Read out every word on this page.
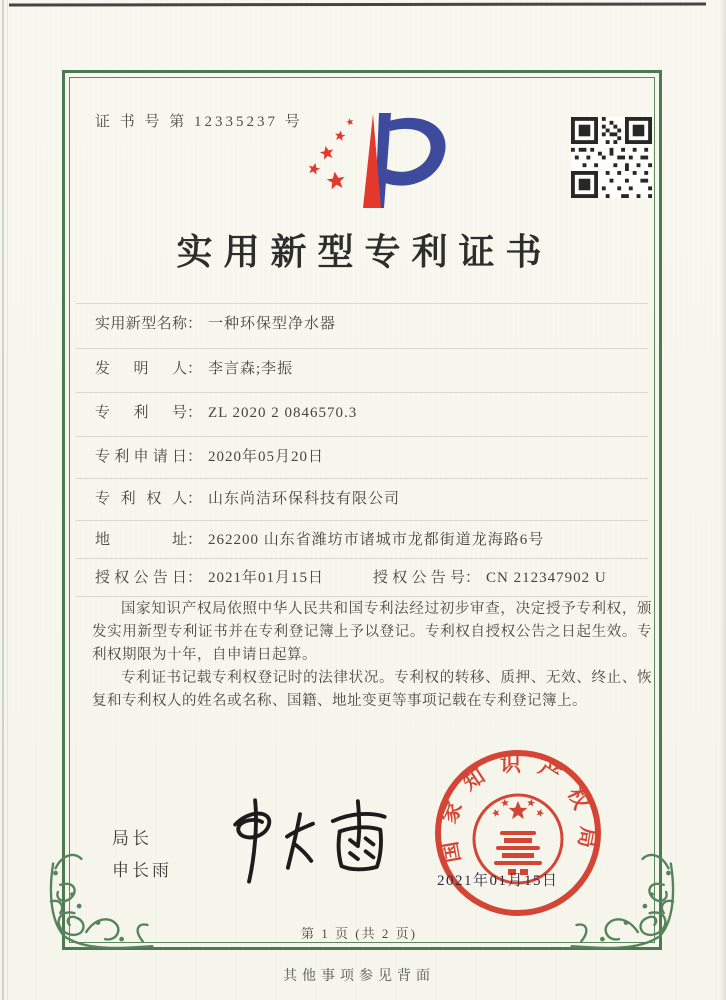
证 书 号 第 12335237 号
实用新型专利证书
实用新型名称： 一种环保型净水器
发明人： 李言森;李振
专利号： ZL 2020 2 0846570.3
专利申请日： 2020年05月20日
专利权人： 山东尚洁环保科技有限公司
地址： 262200 山东省潍坊市诸城市龙都街道龙海路6号
授权公告日： 2021年01月15日	授权公告号： CN 212347902 U

国家知识产权局依照中华人民共和国专利法经过初步审查，决定授予专利权，颁发实用新型专利证书并在专利登记簿上予以登记。专利权自授权公告之日起生效。专利权期限为十年，自申请日起算。

专利证书记载专利权登记时的法律状况。专利权的转移、质押、无效、终止、恢复和专利权人的姓名或名称、国籍、地址变更等事项记载在专利登记簿上。

局长
申长雨
国家知识产权局
2021年01月15日
第 1 页 (共 2 页)
其他事项参见背面
